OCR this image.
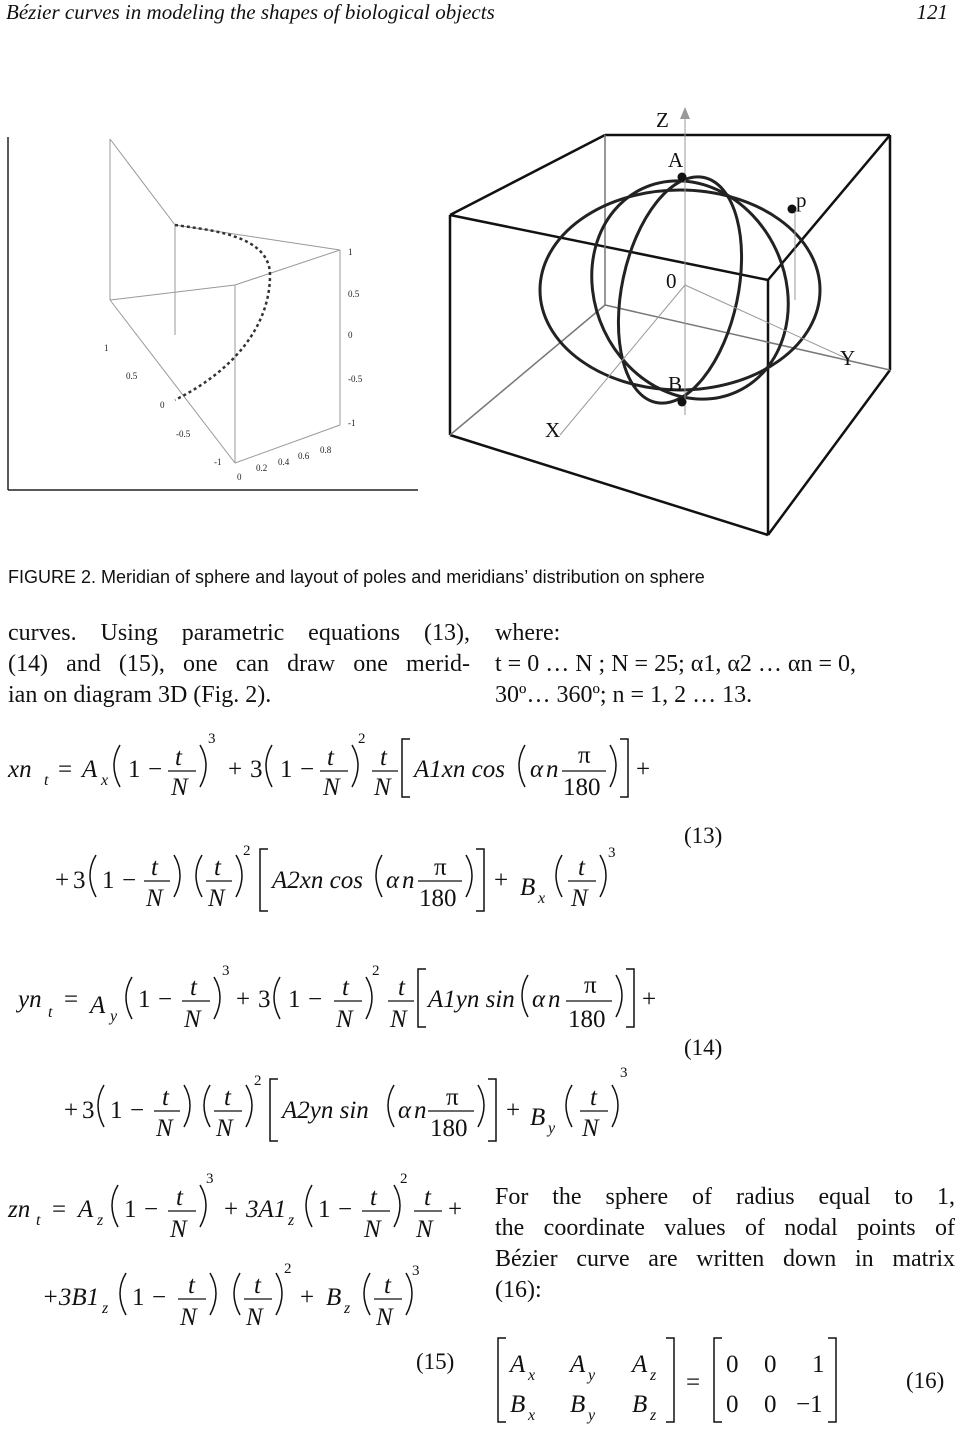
Bézier curves in modeling the shapes of biological objects	121
1
0.5
0
-0.5
-1
1
0.5
0
-0.5
-1
0
0.2
0.4
0.6
0.8
Z
A
p
0
Y
B
X
FIGURE 2. Meridian of sphere and layout of poles and meridians’ distribution on sphere
curves. Using parametric equations (13),
(14) and (15), one can draw one merid-
ian on diagram 3D (Fig. 2).
where:
t = 0 … N ; N = 25; α1, α2 … αn = 0,
30º… 360º; n = 1, 2 … 13.
xn t = A x 1 − t
N
3
+ 3 1 − t
N
2
t
N
A1xn cos α n
π
180
+
+ 3 1 − t
N
t
N
2
A2xn cos α n π
180
+ B x
t
N
3
(13)
yn t = A y
1 − t
N
3
+ 3 1 − t
N
2
t
N
A1yn sin α n
π
180
+
+ 3 1 − t
N
t
N
2
A2yn sin α n π
180
+ B y
t
N
3
(14)
zn t = A z 1 − t
N
3
+ 3A1 z 1 − t
N
2
t
N
+
+3B1 z 1 − t
N
t
N
2
+ B z
t
N
3
(15)
For the sphere of radius equal to 1,
the coordinate values of nodal points of
Bézier curve are written down in matrix
(16):
A x A y A z
B x B y B z
=
0 0 1
0 0 −1
(16)
